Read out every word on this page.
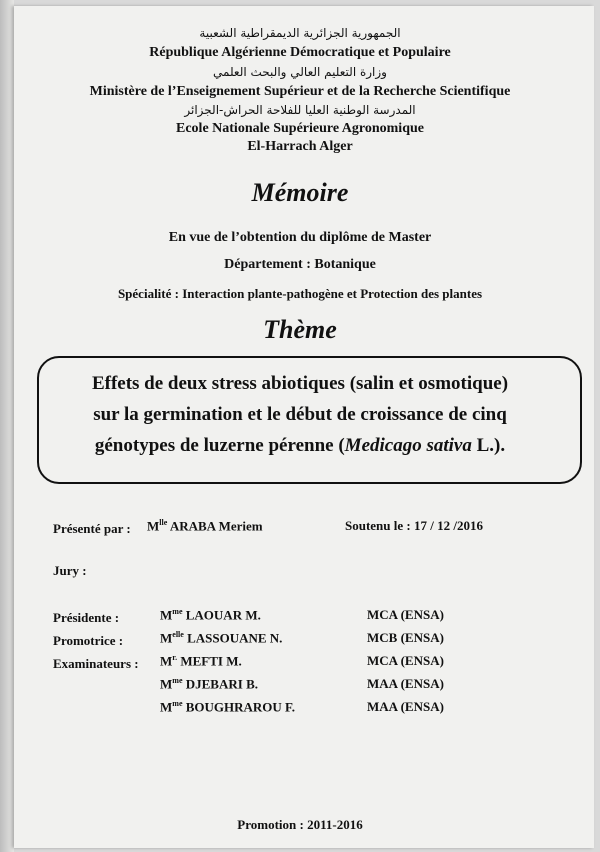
الجمهورية الجزائرية الديمقراطية الشعبية
République Algérienne Démocratique et Populaire
وزارة التعليم العالي والبحث العلمي
Ministère de l’Enseignement Supérieur et de la Recherche Scientifique
المدرسة الوطنية العليا للفلاحة الحراش-الجزائر
Ecole Nationale Supérieure Agronomique
El-Harrach Alger
Mémoire
En vue de l’obtention du diplôme de Master
Département : Botanique
Spécialité : Interaction plante-pathogène et Protection des plantes
Thème
Effets de deux stress abiotiques (salin et osmotique)
sur la germination et le début de croissance de cinq
génotypes de luzerne pérenne (Medicago sativa L.).
Présenté par : $M^{lle}$ ARABA Meriem	Soutenu le : 17 / 12 /2016
Jury :
Présidente :	$M^{me}$ LAOUAR M.	MCA (ENSA)
Promotrice :	$M^{elle}$ LASSOUANE N.	MCB (ENSA)
Examinateurs : $M^{r.}$ MEFTI M.	MCA (ENSA)
$M^{me}$ DJEBARI B.	MAA (ENSA)
$M^{me}$ BOUGHRAROU F.	MAA (ENSA)
Promotion : 2011-2016
